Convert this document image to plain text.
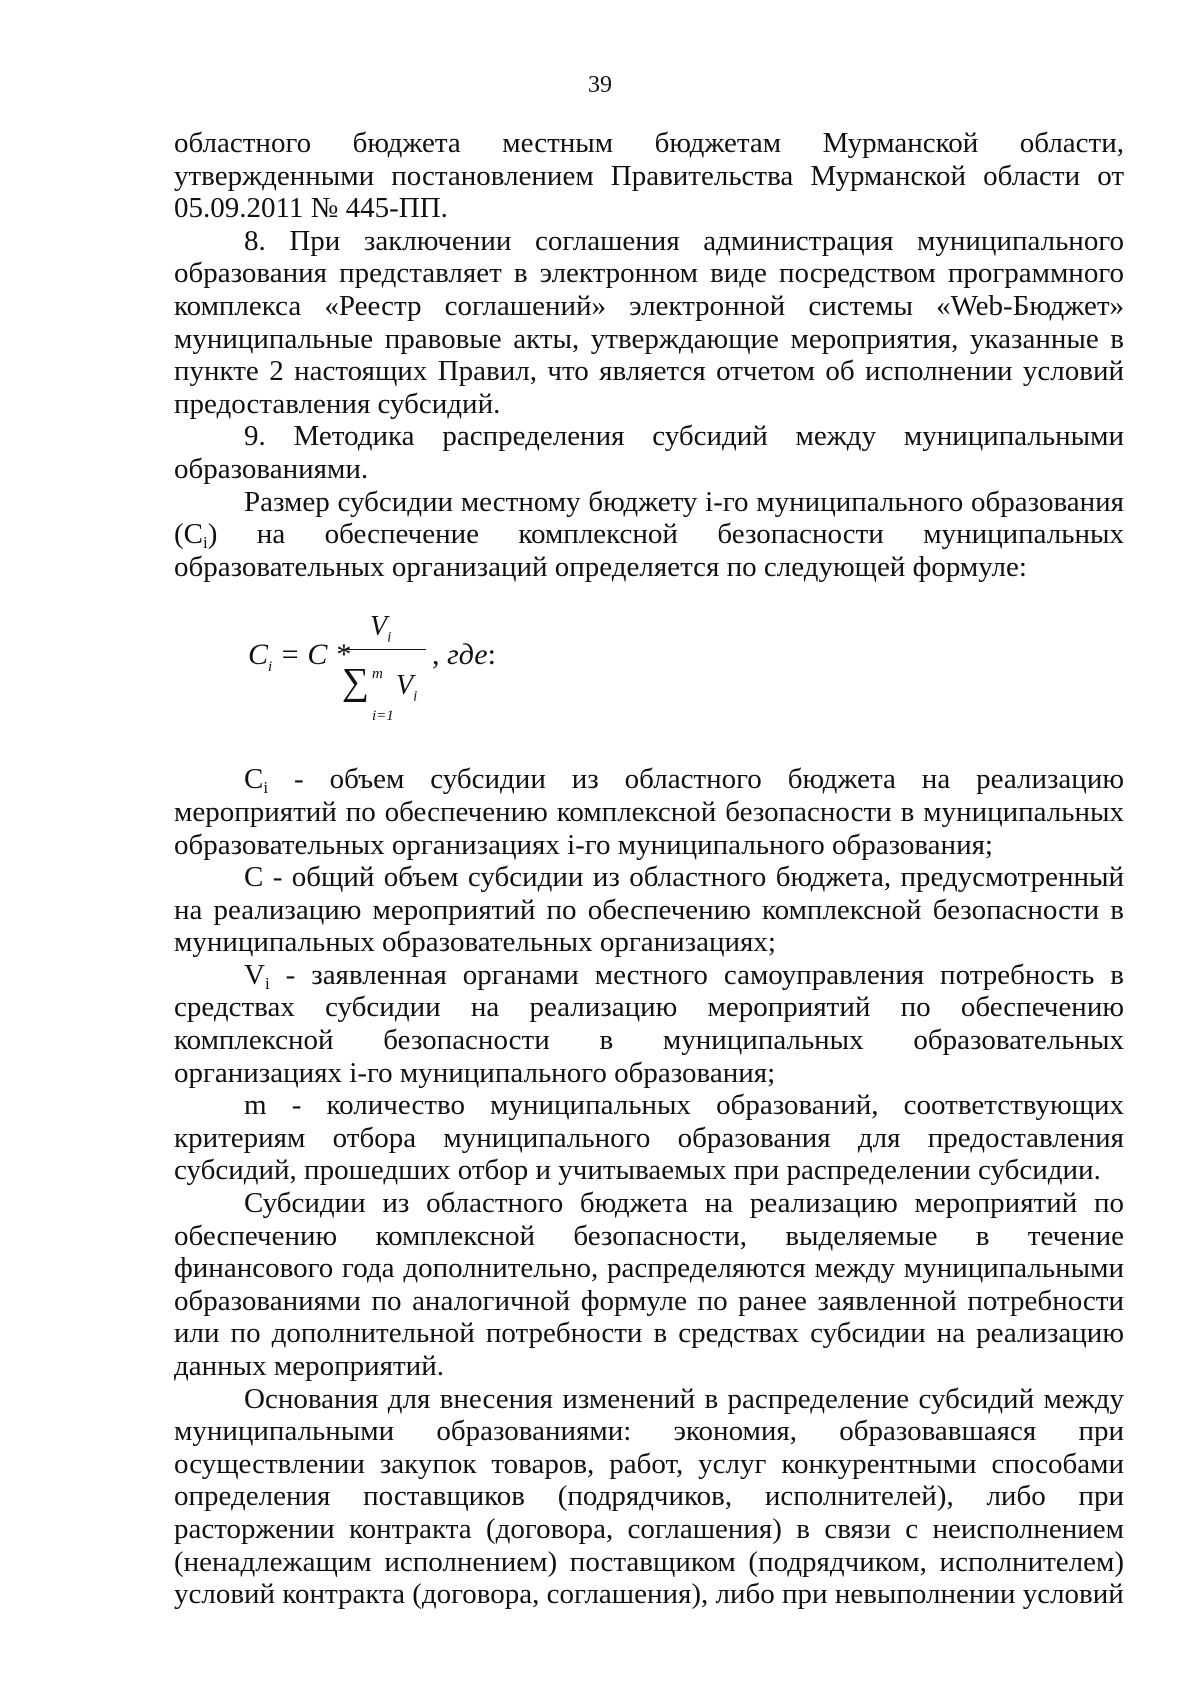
39

областного бюджета местным бюджетам Мурманской области, утвержденными постановлением Правительства Мурманской области от 05.09.2011 № 445-ПП.

8. При заключении соглашения администрация муниципального образования представляет в электронном виде посредством программного комплекса «Реестр соглашений» электронной системы «Web-Бюджет» муниципальные правовые акты, утверждающие мероприятия, указанные в пункте 2 настоящих Правил, что является отчетом об исполнении условий предоставления субсидий.

9. Методика распределения субсидий между муниципальными образованиями.

Размер субсидии местному бюджету i-го муниципального образования $(C_i)$ на обеспечение комплексной безопасности муниципальных образовательных организаций определяется по следующей формуле:

$C_i = C$ *
$V_i$
∑ m
i=1
$V_i$
, где:

$C_i$ - объем субсидии из областного бюджета на реализацию мероприятий по обеспечению комплексной безопасности в муниципальных образовательных организациях i-го муниципального образования;

C - общий объем субсидии из областного бюджета, предусмотренный на реализацию мероприятий по обеспечению комплексной безопасности в муниципальных образовательных организациях;

$V_i$ - заявленная органами местного самоуправления потребность в средствах субсидии на реализацию мероприятий по обеспечению комплексной безопасности в муниципальных образовательных организациях i-го муниципального образования;

m - количество муниципальных образований, соответствующих критериям отбора муниципального образования для предоставления субсидий, прошедших отбор и учитываемых при распределении субсидии.

Субсидии из областного бюджета на реализацию мероприятий по обеспечению комплексной безопасности, выделяемые в течение финансового года дополнительно, распределяются между муниципальными образованиями по аналогичной формуле по ранее заявленной потребности или по дополнительной потребности в средствах субсидии на реализацию данных мероприятий.

Основания для внесения изменений в распределение субсидий между муниципальными образованиями: экономия, образовавшаяся при осуществлении закупок товаров, работ, услуг конкурентными способами определения поставщиков (подрядчиков, исполнителей), либо при расторжении контракта (договора, соглашения) в связи с неисполнением (ненадлежащим исполнением) поставщиком (подрядчиком, исполнителем) условий контракта (договора, соглашения), либо при невыполнении условий
